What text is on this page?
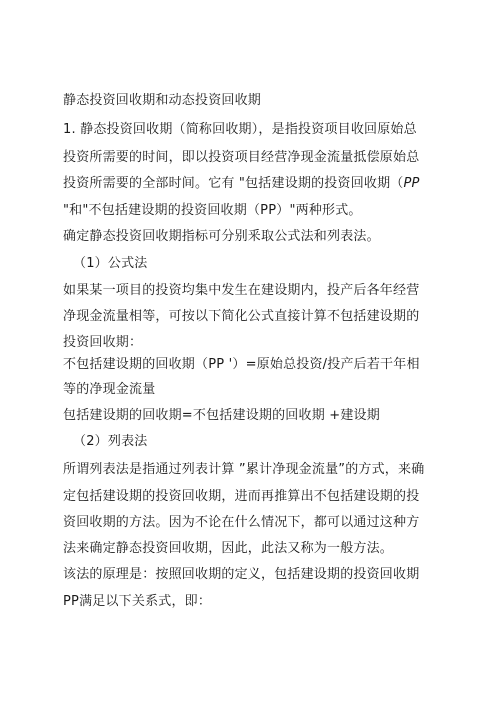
静态投资回收期和动态投资回收期
1. 静态投资回收期（简称回收期），是指投资项目收回原始总
投资所需要的时间，即以投资项目经营净现金流量抵偿原始总
投资所需要的全部时间。它有 "包括建设期的投资回收期（PP
"和"不包括建设期的投资回收期（PP）"两种形式。
确定静态投资回收期指标可分别釆取公式法和列表法。
（1）公式法
如果某一项目的投资均集中发生在建设期内，投产后各年经营
净现金流量相等，可按以下简化公式直接计算不包括建设期的
投资回收期：
不包括建设期的回收期（PP '）=原始总投资/投产后若干年相
等的净现金流量
包括建设期的回收期=不包括建设期的回收期 +建设期
（2）列表法
所谓列表法是指通过列表计算 ”累计净现金流量”的方式，来确
定包括建设期的投资回收期，进而再推算出不包括建设期的投
资回收期的方法。因为不论在什么情况下，都可以通过这种方
法来确定静态投资回收期，因此，此法又称为一般方法。
该法的原理是：按照回收期的定义，包括建设期的投资回收期
PP满足以下关系式，即：
